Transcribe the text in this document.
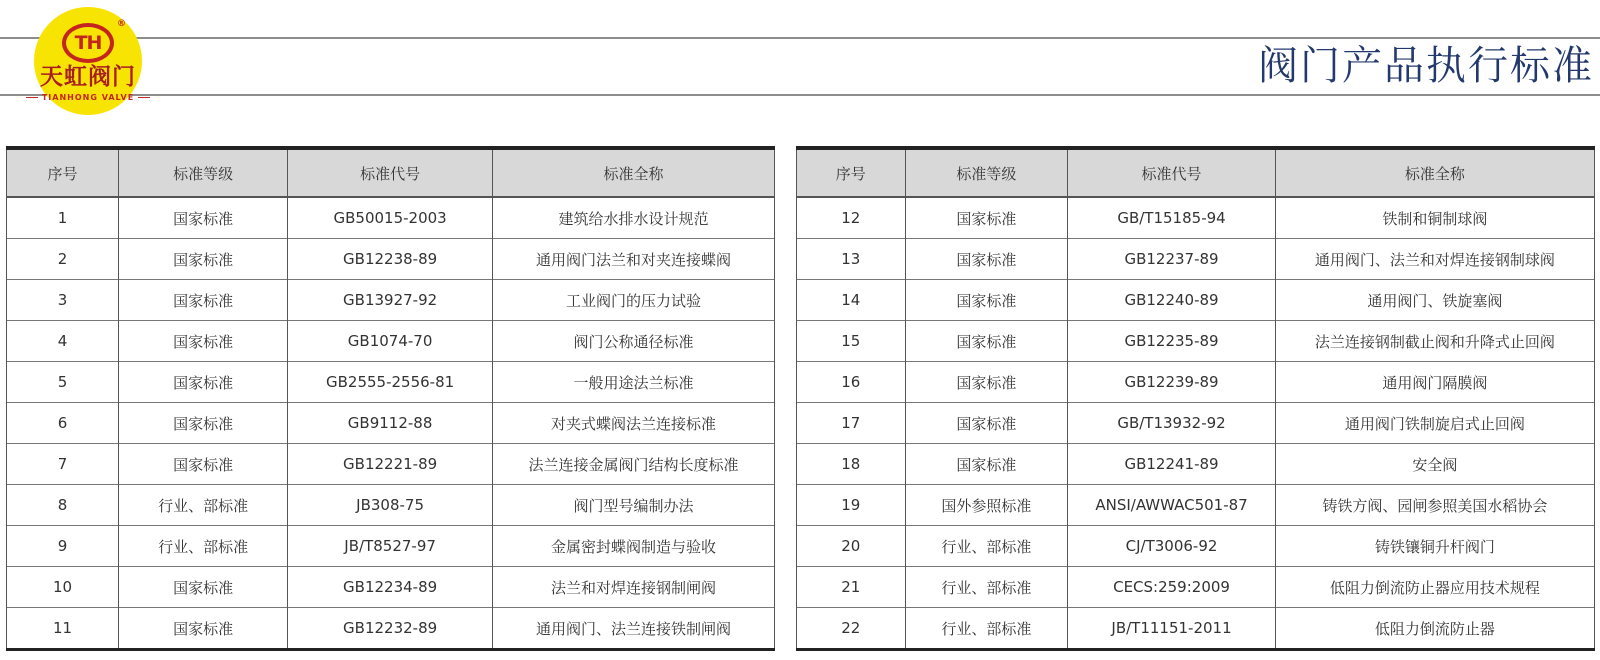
TH
®
天虹阀门
TIANHONG VALVE
阀门产品执行标准
序号	标准等级	标准代号	标准全称
1	国家标准	GB50015-2003	建筑给水排水设计规范
2	国家标准	GB12238-89	通用阀门法兰和对夹连接蝶阀
3	国家标准	GB13927-92	工业阀门的压力试验
4	国家标准	GB1074-70	阀门公称通径标准
5	国家标准	GB2555-2556-81	一般用途法兰标准
6	国家标准	GB9112-88	对夹式蝶阀法兰连接标准
7	国家标准	GB12221-89	法兰连接金属阀门结构长度标准
8	行业、部标准	JB308-75	阀门型号编制办法
9	行业、部标准	JB/T8527-97	金属密封蝶阀制造与验收
10	国家标准	GB12234-89	法兰和对焊连接钢制闸阀
11	国家标准	GB12232-89	通用阀门、法兰连接铁制闸阀
序号	标准等级	标准代号	标准全称
12	国家标准	GB/T15185-94	铁制和铜制球阀
13	国家标准	GB12237-89	通用阀门、法兰和对焊连接钢制球阀
14	国家标准	GB12240-89	通用阀门、铁旋塞阀
15	国家标准	GB12235-89	法兰连接钢制截止阀和升降式止回阀
16	国家标准	GB12239-89	通用阀门隔膜阀
17	国家标准	GB/T13932-92	通用阀门铁制旋启式止回阀
18	国家标准	GB12241-89	安全阀
19	国外参照标准	ANSI/AWWAC501-87	铸铁方阀、园闸参照美国水稻协会
20	行业、部标准	CJ/T3006-92	铸铁镶铜升杆阀门
21	行业、部标准	CECS:259:2009	低阻力倒流防止器应用技术规程
22	行业、部标准	JB/T11151-2011	低阻力倒流防止器
